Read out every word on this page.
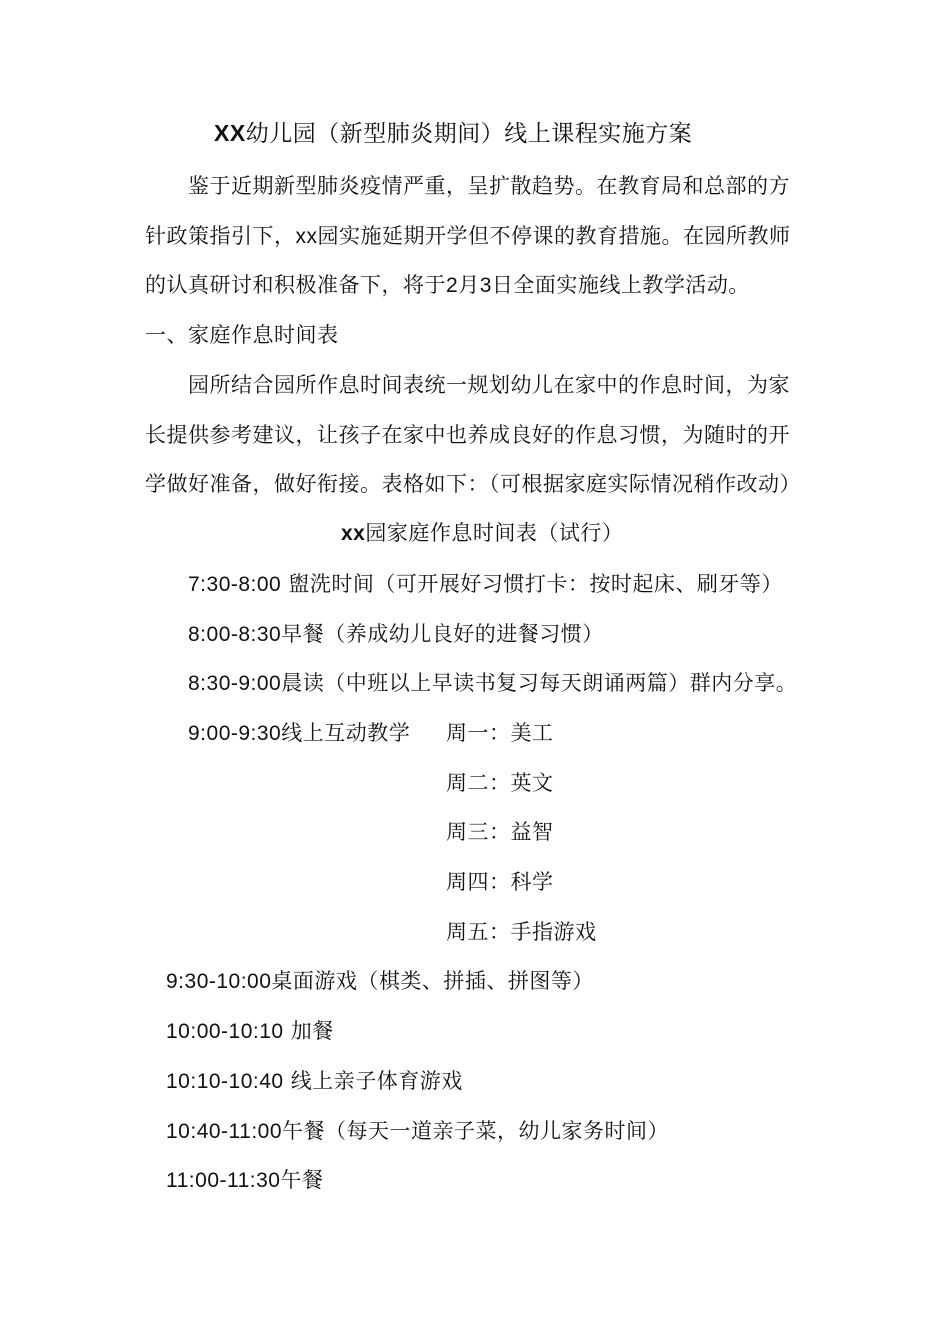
XX幼儿园（新型肺炎期间）线上课程实施方案
鉴于近期新型肺炎疫情严重，呈扩散趋势。在教育局和总部的方
针政策指引下，xx园实施延期开学但不停课的教育措施。在园所教师
的认真研讨和积极准备下，将于2月3日全面实施线上教学活动。
一、家庭作息时间表
园所结合园所作息时间表统一规划幼儿在家中的作息时间，为家
长提供参考建议，让孩子在家中也养成良好的作息习惯，为随时的开
学做好准备，做好衔接。表格如下：（可根据家庭实际情况稍作改动）
xx园家庭作息时间表（试行）
7:30-8:00 盥洗时间（可开展好习惯打卡：按时起床、刷牙等）
8:00-8:30早餐（养成幼儿良好的进餐习惯）
8:30-9:00晨读（中班以上早读书复习每天朗诵两篇）群内分享。
9:00-9:30线上互动教学 周一：美工
周二：英文
周三：益智
周四：科学
周五：手指游戏
9:30-10:00桌面游戏（棋类、拼插、拼图等）
10:00-10:10 加餐
10:10-10:40 线上亲子体育游戏
10:40-11:00午餐（每天一道亲子菜，幼儿家务时间）
11:00-11:30午餐
